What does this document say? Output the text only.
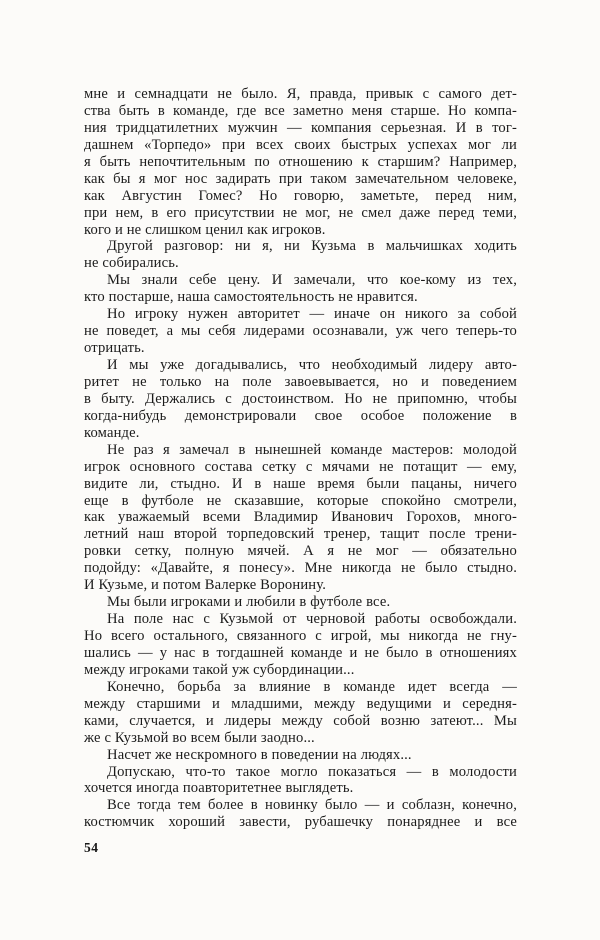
мне и семнадцати не было. Я, правда, привык с самого дет-
ства быть в команде, где все заметно меня старше. Но компа-
ния тридцатилетних мужчин — компания серьезная. И в тог-
дашнем «Торпедо» при всех своих быстрых успехах мог ли
я быть непочтительным по отношению к старшим? Например,
как бы я мог нос задирать при таком замечательном человеке,
как Августин Гомес? Но говорю, заметьте, перед ним,
при нем, в его присутствии не мог, не смел даже перед теми,
кого и не слишком ценил как игроков.
Другой разговор: ни я, ни Кузьма в мальчишках ходить
не собирались.
Мы знали себе цену. И замечали, что кое-кому из тех,
кто постарше, наша самостоятельность не нравится.
Но игроку нужен авторитет — иначе он никого за собой
не поведет, а мы себя лидерами осознавали, уж чего теперь-то
отрицать.
И мы уже догадывались, что необходимый лидеру авто-
ритет не только на поле завоевывается, но и поведением
в быту. Держались с достоинством. Но не припомню, чтобы
когда-нибудь демонстрировали свое особое положение в
команде.
Не раз я замечал в нынешней команде мастеров: молодой
игрок основного состава сетку с мячами не потащит — ему,
видите ли, стыдно. И в наше время были пацаны, ничего
еще в футболе не сказавшие, которые спокойно смотрели,
как уважаемый всеми Владимир Иванович Горохов, много-
летний наш второй торпедовский тренер, тащит после трени-
ровки сетку, полную мячей. А я не мог — обязательно
подойду: «Давайте, я понесу». Мне никогда не было стыдно.
И Кузьме, и потом Валерке Воронину.
Мы были игроками и любили в футболе все.
На поле нас с Кузьмой от черновой работы освобождали.
Но всего остального, связанного с игрой, мы никогда не гну-
шались — у нас в тогдашней команде и не было в отношениях
между игроками такой уж субординации...
Конечно, борьба за влияние в команде идет всегда —
между старшими и младшими, между ведущими и середня-
ками, случается, и лидеры между собой возню затеют... Мы
же с Кузьмой во всем были заодно...
Насчет же нескромного в поведении на людях...
Допускаю, что-то такое могло показаться — в молодости
хочется иногда поавторитетнее выглядеть.
Все тогда тем более в новинку было — и соблазн, конечно,
костюмчик хороший завести, рубашечку понаряднее и все
54
